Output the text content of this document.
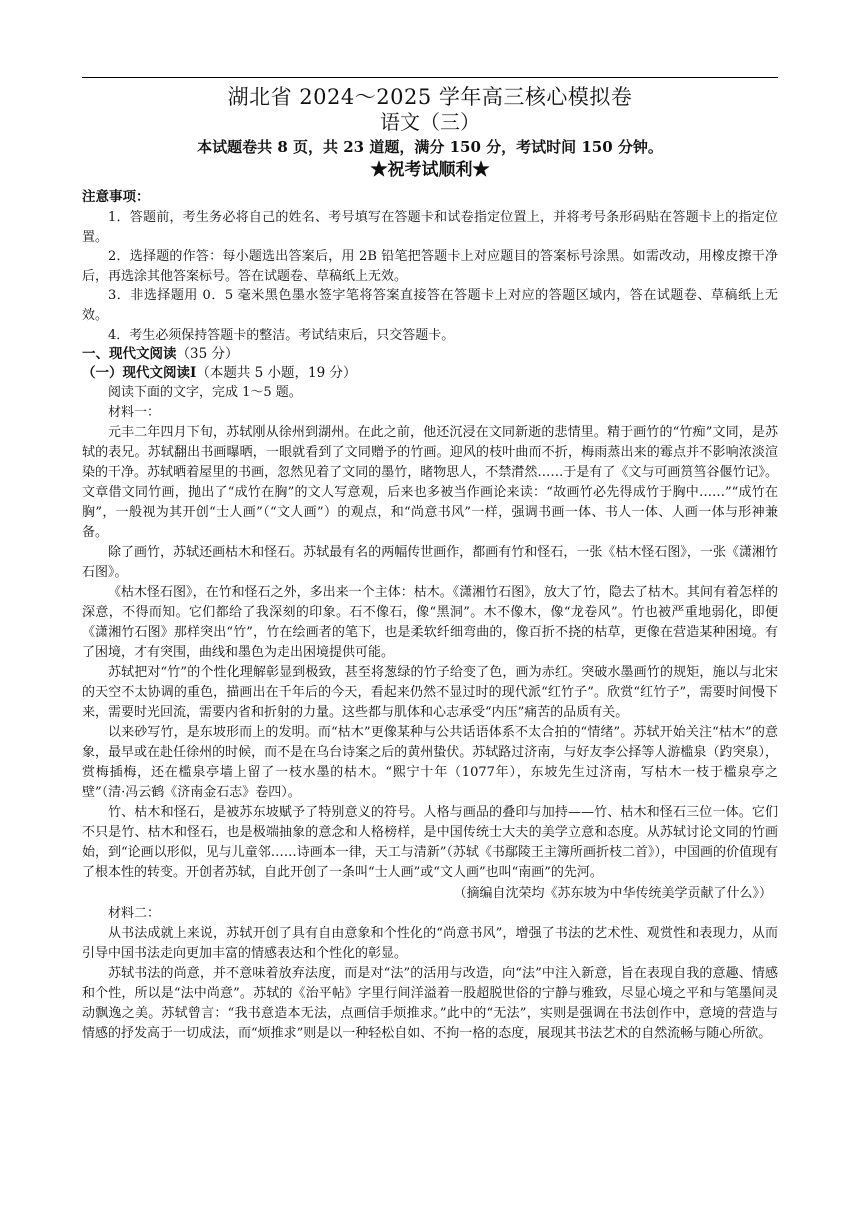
湖北省 2024～2025 学年高三核心模拟卷
语文（三）
本试题卷共 8 页，共 23 道题，满分 150 分，考试时间 150 分钟。
★祝考试顺利★
注意事项：

1．答题前，考生务必将自己的姓名、考号填写在答题卡和试卷指定位置上，并将考号条形码贴在答题卡上的指定位置。

2．选择题的作答：每小题选出答案后，用 2B 铅笔把答题卡上对应题目的答案标号涂黑。如需改动，用橡皮擦干净后，再选涂其他答案标号。答在试题卷、草稿纸上无效。

3．非选择题用 0．5 毫米黑色墨水签字笔将答案直接答在答题卡上对应的答题区域内，答在试题卷、草稿纸上无效。

4．考生必须保持答题卡的整洁。考试结束后，只交答题卡。

一、现代文阅读（35 分）
（一）现代文阅读Ⅰ（本题共 5 小题，19 分）

阅读下面的文字，完成 1～5 题。

材料一：

元丰二年四月下旬，苏轼刚从徐州到湖州。在此之前，他还沉浸在文同新逝的悲情里。精于画竹的“竹痴”文同，是苏轼的表兄。苏轼翻出书画曝晒，一眼就看到了文同赠予的竹画。迎风的枝叶曲而不折，梅雨蒸出来的霉点并不影响浓淡渲染的干净。苏轼晒着屋里的书画，忽然见着了文同的墨竹，睹物思人，不禁潸然……于是有了《文与可画筼筜谷偃竹记》。文章借文同竹画，抛出了“成竹在胸”的文人写意观，后来也多被当作画论来读：“故画竹必先得成竹于胸中……”“成竹在胸”，一般视为其开创“士人画”（“文人画”）的观点，和“尚意书风”一样，强调书画一体、书人一体、人画一体与形神兼备。

除了画竹，苏轼还画枯木和怪石。苏轼最有名的两幅传世画作，都画有竹和怪石，一张《枯木怪石图》，一张《潇湘竹石图》。

《枯木怪石图》，在竹和怪石之外，多出来一个主体：枯木。《潇湘竹石图》，放大了竹，隐去了枯木。其间有着怎样的深意，不得而知。它们都给了我深刻的印象。石不像石，像“黑洞”。木不像木，像“龙卷风”。竹也被严重地弱化，即便《潇湘竹石图》那样突出“竹”，竹在绘画者的笔下，也是柔软纤细弯曲的，像百折不挠的枯草，更像在营造某种困境。有了困境，才有突围，曲线和墨色为走出困境提供可能。

苏轼把对“竹”的个性化理解彰显到极致，甚至将葱绿的竹子给变了色，画为赤红。突破水墨画竹的规矩，施以与北宋的天空不太协调的重色，描画出在千年后的今天，看起来仍然不显过时的现代派“红竹子”。欣赏“红竹子”，需要时间慢下来，需要时光回流，需要内省和折射的力量。这些都与肌体和心志承受“内压”痛苦的品质有关。

以来砂写竹，是东坡形而上的发明。而“枯木”更像某种与公共话语体系不太合拍的“情绪”。苏轼开始关注“枯木”的意象，最早或在赴任徐州的时候，而不是在乌台诗案之后的黄州蛰伏。苏轼路过济南，与好友李公择等人游槛泉（趵突泉），赏梅插梅，还在槛泉亭墙上留了一枝水墨的枯木。“熙宁十年（1077年），东坡先生过济南，写枯木一枝于槛泉亭之壁”（清·冯云鹤《济南金石志》卷四）。

竹、枯木和怪石，是被苏东坡赋予了特别意义的符号。人格与画品的叠印与加持——竹、枯木和怪石三位一体。它们不只是竹、枯木和怪石，也是极端抽象的意念和人格榜样，是中国传统士大夫的美学立意和态度。从苏轼讨论文同的竹画始，到“论画以形似，见与儿童邻……诗画本一律，天工与清新”（苏轼《书鄢陵王主簿所画折枝二首》），中国画的价值现有了根本性的转变。开创者苏轼，自此开创了一条叫“士人画”或“文人画”也叫“南画”的先河。

（摘编自沈荣均《苏东坡为中华传统美学贡献了什么》）

材料二：

从书法成就上来说，苏轼开创了具有自由意象和个性化的“尚意书风”，增强了书法的艺术性、观赏性和表现力，从而引导中国书法走向更加丰富的情感表达和个性化的彰显。

苏轼书法的尚意，并不意味着放弃法度，而是对“法”的活用与改造，向“法”中注入新意，旨在表现自我的意趣、情感和个性，所以是“法中尚意”。苏轼的《治平帖》字里行间洋溢着一股超脱世俗的宁静与雅致，尽显心境之平和与笔墨间灵动飘逸之美。苏轼曾言：“我书意造本无法，点画信手烦推求。”此中的“无法”，实则是强调在书法创作中，意境的营造与情感的抒发高于一切成法，而“烦推求”则是以一种轻松自如、不拘一格的态度，展现其书法艺术的自然流畅与随心所欲。
